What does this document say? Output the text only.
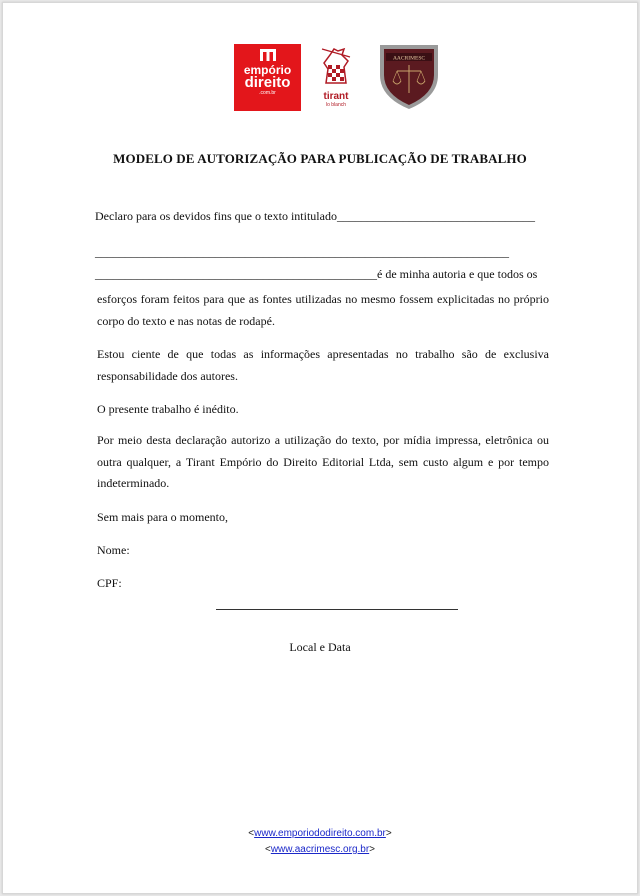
empório
direito
.com.br	tirant
lo blanch
AACRIMESC
MODELO DE AUTORIZAÇÃO PARA PUBLICAÇÃO DE TRABALHO
Declaro para os devidos fins que o texto intitulado_________________________________
_____________________________________________________________________
_______________________________________________é de minha autoria e que todos os
esforços foram feitos para que as fontes utilizadas no mesmo fossem explicitadas no próprio corpo do texto e nas notas de rodapé.
Estou ciente de que todas as informações apresentadas no trabalho são de exclusiva responsabilidade dos autores.
O presente trabalho é inédito.
Por meio desta declaração autorizo a utilização do texto, por mídia impressa, eletrônica ou outra qualquer, a Tirant Empório do Direito Editorial Ltda, sem custo algum e por tempo indeterminado.
Sem mais para o momento,
Nome:
CPF:
Local e Data
<www.emporiododireito.com.br>
<www.aacrimesc.org.br>
